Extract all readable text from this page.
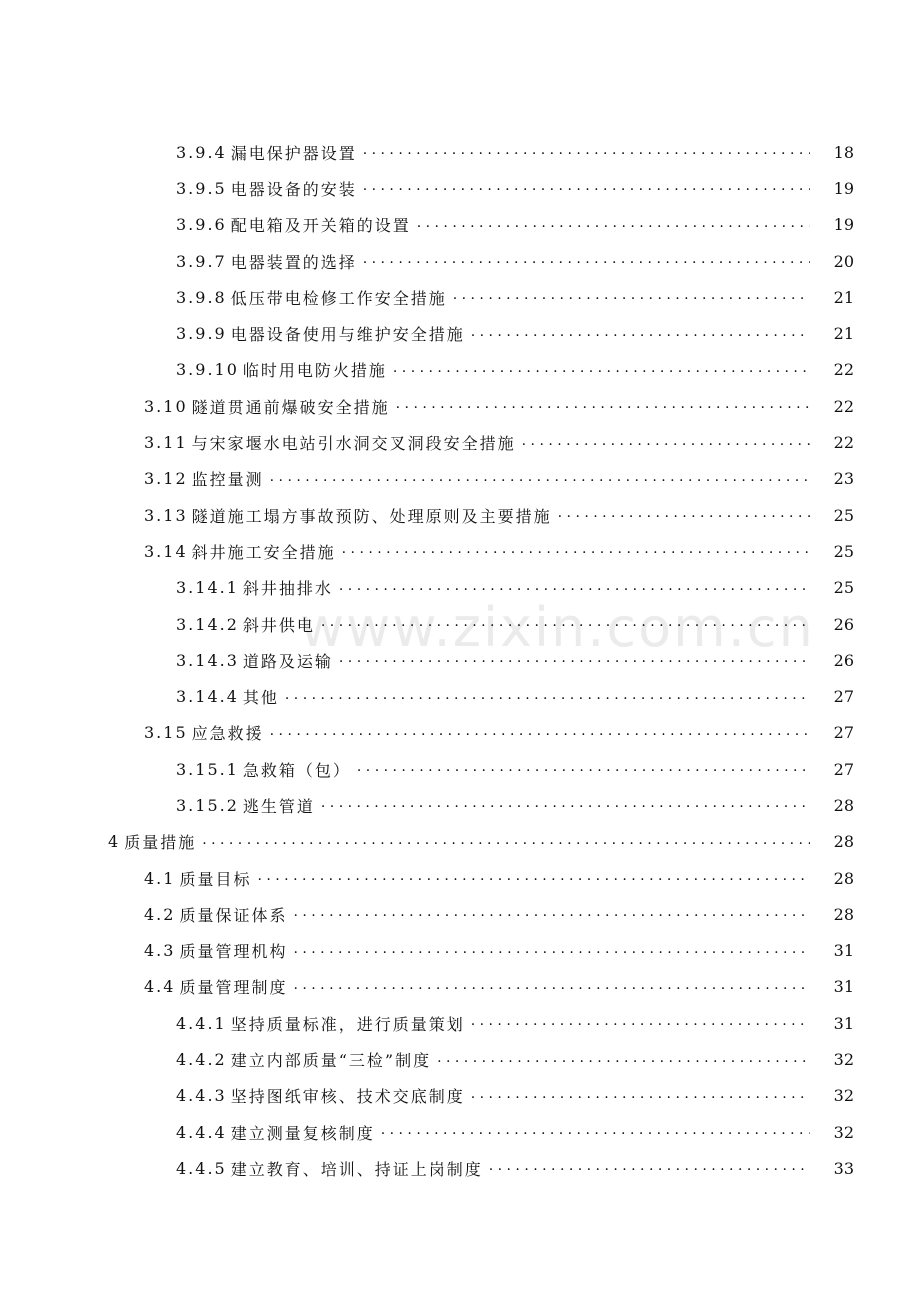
3.9.4 漏电保护器设置 . . .	18
3.9.5 电器设备的安装 . . .	19
3.9.6 配电箱及开关箱的设置 . . .	19
3.9.7 电器装置的选择 . . .	20
3.9.8 低压带电检修工作安全措施 . . .	21
3.9.9 电器设备使用与维护安全措施 . . .	21
3.9.10 临时用电防火措施 . . .	22
3.10 隧道贯通前爆破安全措施 . . .	22
3.11 与宋家堰水电站引水洞交叉洞段安全措施 . . .	22
3.12 监控量测 . . .	23
3.13 隧道施工塌方事故预防、处理原则及主要措施 . . .	25
3.14 斜井施工安全措施 . . .	25
3.14.1 斜井抽排水 . . .	25
3.14.2 斜井供电 . . .	26
3.14.3 道路及运输 . . .	26
3.14.4 其他 . . .	27
3.15 应急救援 . . .	27
3.15.1 急救箱（包） . . .	27
3.15.2 逃生管道 . . .	28
4 质量措施 . . .	28
4.1 质量目标 . . .	28
4.2 质量保证体系 . . .	28
4.3 质量管理机构 . . .	31
4.4 质量管理制度 . . .	31
4.4.1 坚持质量标准，进行质量策划 . . .	31
4.4.2 建立内部质量“三检”制度 . . .	32
4.4.3 坚持图纸审核、技术交底制度 . . .	32
4.4.4 建立测量复核制度 . . .	32
4.4.5 建立教育、培训、持证上岗制度 . . .	33
www.zixin.com.cn
